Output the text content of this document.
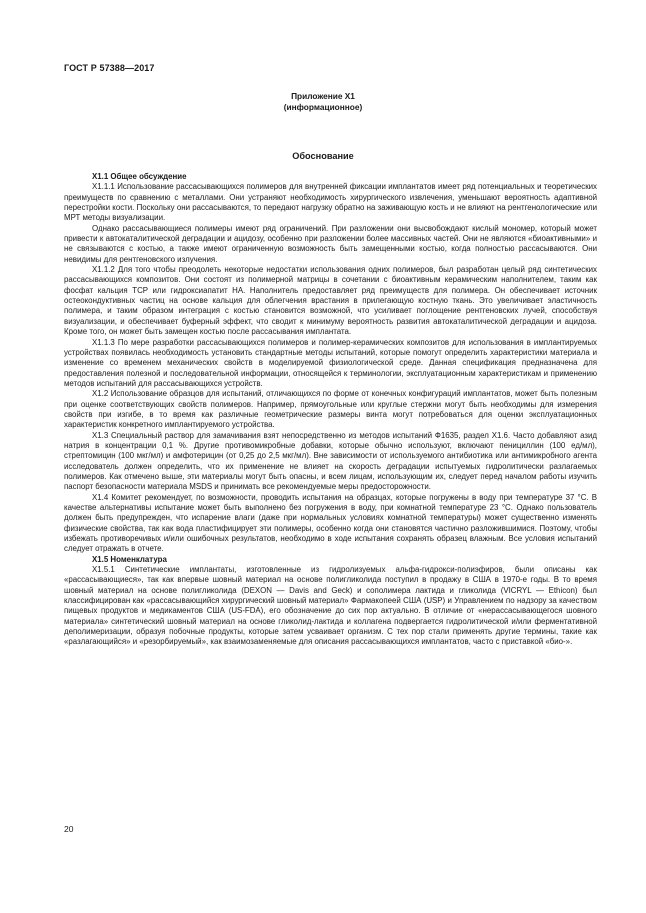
ГОСТ Р 57388—2017
Приложение Х1
(информационное)
Обоснование
Х1.1 Общее обсуждение

Х1.1.1 Использование рассасывающихся полимеров для внутренней фиксации имплантатов имеет ряд потенциальных и теоретических преимуществ по сравнению с металлами. Они устраняют необходимость хирургического извлечения, уменьшают вероятность адаптивной перестройки кости. Поскольку они рассасываются, то передают нагрузку обратно на заживающую кость и не влияют на рентгенологические или МРТ методы визуализации.

Однако рассасывающиеся полимеры имеют ряд ограничений. При разложении они высвобождают кислый мономер, который может привести к автокаталитической деградации и ацидозу, особенно при разложении более массивных частей. Они не являются «биоактивными» и не связываются с костью, а также имеют ограниченную возможность быть замещенными костью, когда полностью рассасываются. Они невидимы для рентгеновского излучения.

Х1.1.2 Для того чтобы преодолеть некоторые недостатки использования одних полимеров, был разработан целый ряд синтетических рассасывающихся композитов. Они состоят из полимерной матрицы в сочетании с биоактивным керамическим наполнителем, таким как фосфат кальция TCP или гидроксиапатит НА. Наполнитель предоставляет ряд преимуществ для полимера. Он обеспечивает источник остеокондуктивных частиц на основе кальция для облегчения врастания в прилегающую костную ткань. Это увеличивает эластичность полимера, и таким образом интеграция с костью становится возможной, что усиливает поглощение рентгеновских лучей, способствуя визуализации, и обеспечивает буферный эффект, что сводит к минимуму вероятность развития автокаталитической деградации и ацидоза. Кроме того, он может быть замещен костью после рассасывания имплантата.

Х1.1.3 По мере разработки рассасывающихся полимеров и полимер-керамических композитов для использования в имплантируемых устройствах появилась необходимость установить стандартные методы испытаний, которые помогут определить характеристики материала и изменение со временем механических свойств в моделируемой физиологической среде. Данная спецификация предназначена для предоставления полезной и последовательной информации, относящейся к терминологии, эксплуатационным характеристикам и применению методов испытаний для рассасывающихся устройств.

Х1.2 Использование образцов для испытаний, отличающихся по форме от конечных конфигураций имплантатов, может быть полезным при оценке соответствующих свойств полимеров. Например, прямоугольные или круглые стержни могут быть необходимы для измерения свойств при изгибе, в то время как различные геометрические размеры винта могут потребоваться для оценки эксплуатационных характеристик конкретного имплантируемого устройства.

Х1.3 Специальный раствор для замачивания взят непосредственно из методов испытаний Ф1635, раздел Х1.6. Часто добавляют азид натрия в концентрации 0,1 %. Другие противомикробные добавки, которые обычно используют, включают пенициллин (100 ед/мл), стрептомицин (100 мкг/мл) и амфотерицин (от 0,25 до 2,5 мкг/мл). Вне зависимости от используемого антибиотика или антимикробного агента исследователь должен определить, что их применение не влияет на скорость деградации испытуемых гидролитически разлагаемых полимеров. Как отмечено выше, эти материалы могут быть опасны, и всем лицам, использующим их, следует перед началом работы изучить паспорт безопасности материала MSDS и принимать все рекомендуемые меры предосторожности.

Х1.4 Комитет рекомендует, по возможности, проводить испытания на образцах, которые погружены в воду при температуре 37 °С. В качестве альтернативы испытание может быть выполнено без погружения в воду, при комнатной температуре 23 °С. Однако пользователь должен быть предупрежден, что испарение влаги (даже при нормальных условиях комнатной температуры) может существенно изменять физические свойства, так как вода пластифицирует эти полимеры, особенно когда они становятся частично разложившимися. Поэтому, чтобы избежать противоречивых и/или ошибочных результатов, необходимо в ходе испытания сохранять образец влажным. Все условия испытаний следует отражать в отчете.

Х1.5 Номенклатура

Х1.5.1 Синтетические имплантаты, изготовленные из гидролизуемых альфа-гидрокси-полиэфиров, были описаны как «рассасывающиеся», так как впервые шовный материал на основе полигликолида поступил в продажу в США в 1970-е годы. В то время шовный материал на основе полигликолида (DEXON — Davis and Geck) и сополимера лактида и гликолида (VICRYL — Ethicon) был классифицирован как «рассасывающийся хирургический шовный материал» Фармакопеей США (USP) и Управлением по надзору за качеством пищевых продуктов и медикаментов США (US-FDA), его обозначение до сих пор актуально. В отличие от «нерассасывающегося шовного материала» синтетический шовный материал на основе гликолид-лактида и коллагена подвергается гидролитической и/или ферментативной деполимеризации, образуя побочные продукты, которые затем усваивает организм. С тех пор стали применять другие термины, такие как «разлагающийся» и «резорбируемый», как взаимозаменяемые для описания рассасывающихся имплантатов, часто с приставкой «био-».

20
